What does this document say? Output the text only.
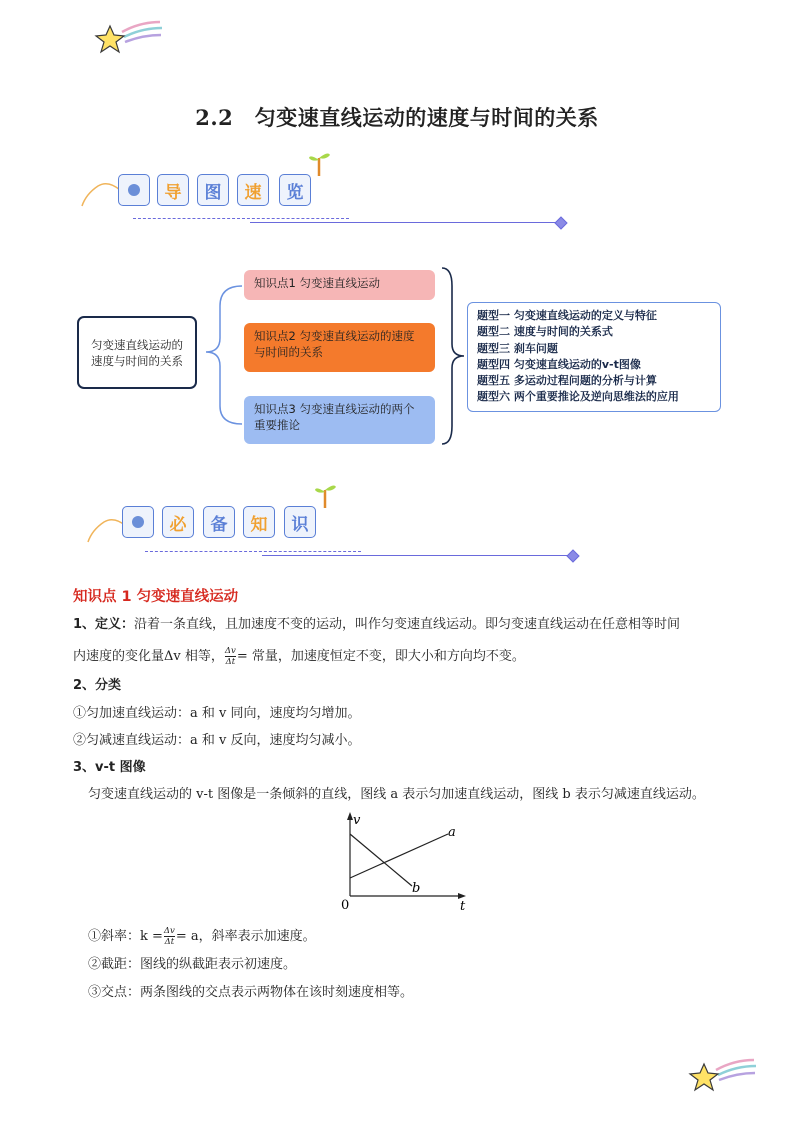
2.2　匀变速直线运动的速度与时间的关系
导	图	速	览
匀变速直线运动的速度与时间的关系
知识点1 匀变速直线运动
知识点2 匀变速直线运动的速度与时间的关系
知识点3 匀变速直线运动的两个重要推论
题型一 匀变速直线运动的定义与特征
题型二 速度与时间的关系式
题型三 刹车问题
题型四 匀变速直线运动的v-t图像
题型五 多运动过程问题的分析与计算
题型六 两个重要推论及逆向思维法的应用
必	备	知	识
知识点 1 匀变速直线运动
1、定义：沿着一条直线，且加速度不变的运动，叫作匀变速直线运动。即匀变速直线运动在任意相等时间
内速度的变化量Δv 相等， $\frac{\Delta v}{\Delta t}$ = 常量，加速度恒定不变，即大小和方向均不变。
2、分类
①匀加速直线运动：a 和 v 同向，速度均匀增加。
②匀减速直线运动：a 和 v 反向，速度均匀减小。
3、v-t 图像
匀变速直线运动的 v-t 图像是一条倾斜的直线，图线 a 表示匀加速直线运动，图线 b 表示匀减速直线运动。
v
t
0
a
b
①斜率：$k = \frac{\Delta v}{\Delta t} = a$，斜率表示加速度。
②截距：图线的纵截距表示初速度。
③交点：两条图线的交点表示两物体在该时刻速度相等。
